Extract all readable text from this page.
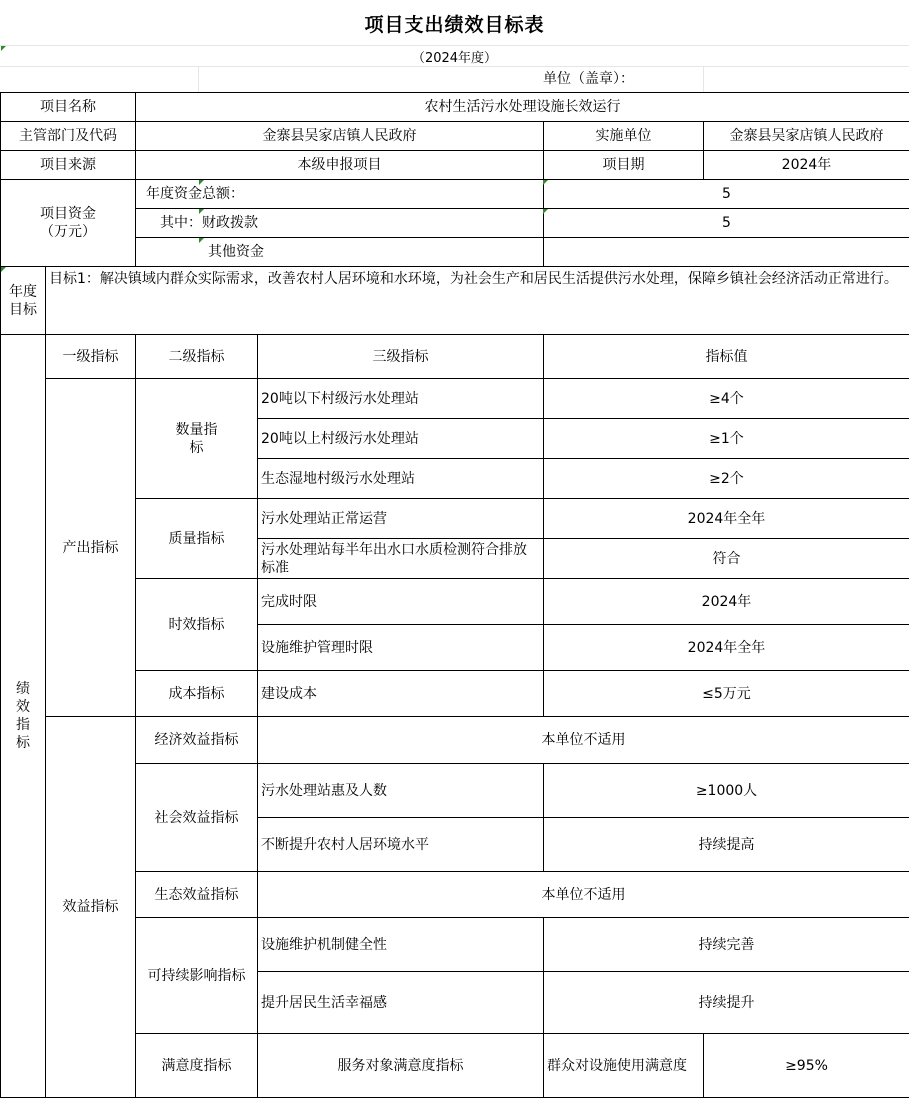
项目支出绩效目标表
（2024年度）
单位（盖章）：
项目名称		农村生活污水处理设施长效运行			
主管部门及代码		金寨县吴家店镇人民政府		实施单位	金寨县吴家店镇人民政府
项目来源		本级申报项目		项目期	2024年
项目资金
（万元）		年度资金总额：		5	
		其中：财政拨款		5	
		其他资金			
年度目标	目标1：解决镇域内群众实际需求，改善农村人居环境和水环境，为社会生产和居民生活提供污水处理，保障乡镇社会经济活动正常进行。				
绩效指标	一级指标	二级指标	三级指标	指标值	
	产出指标	数量指标	20吨以下村级污水处理站	≥4个	
			20吨以上村级污水处理站	≥1个	
			生态湿地村级污水处理站	≥2个	
		质量指标	污水处理站正常运营	2024年全年	
			污水处理站每半年出水口水质检测符合排放标准	符合	
		时效指标	完成时限	2024年	
			设施维护管理时限	2024年全年	
		成本指标	建设成本	≤5万元	
	效益指标	经济效益指标	本单位不适用		
		社会效益指标	污水处理站惠及人数	≥1000人	
			不断提升农村人居环境水平	持续提高	
		生态效益指标	本单位不适用		
		可持续影响指标	设施维护机制健全性	持续完善	
			提升居民生活幸福感	持续提升	
		满意度指标	服务对象满意度指标	群众对设施使用满意度	≥95%
